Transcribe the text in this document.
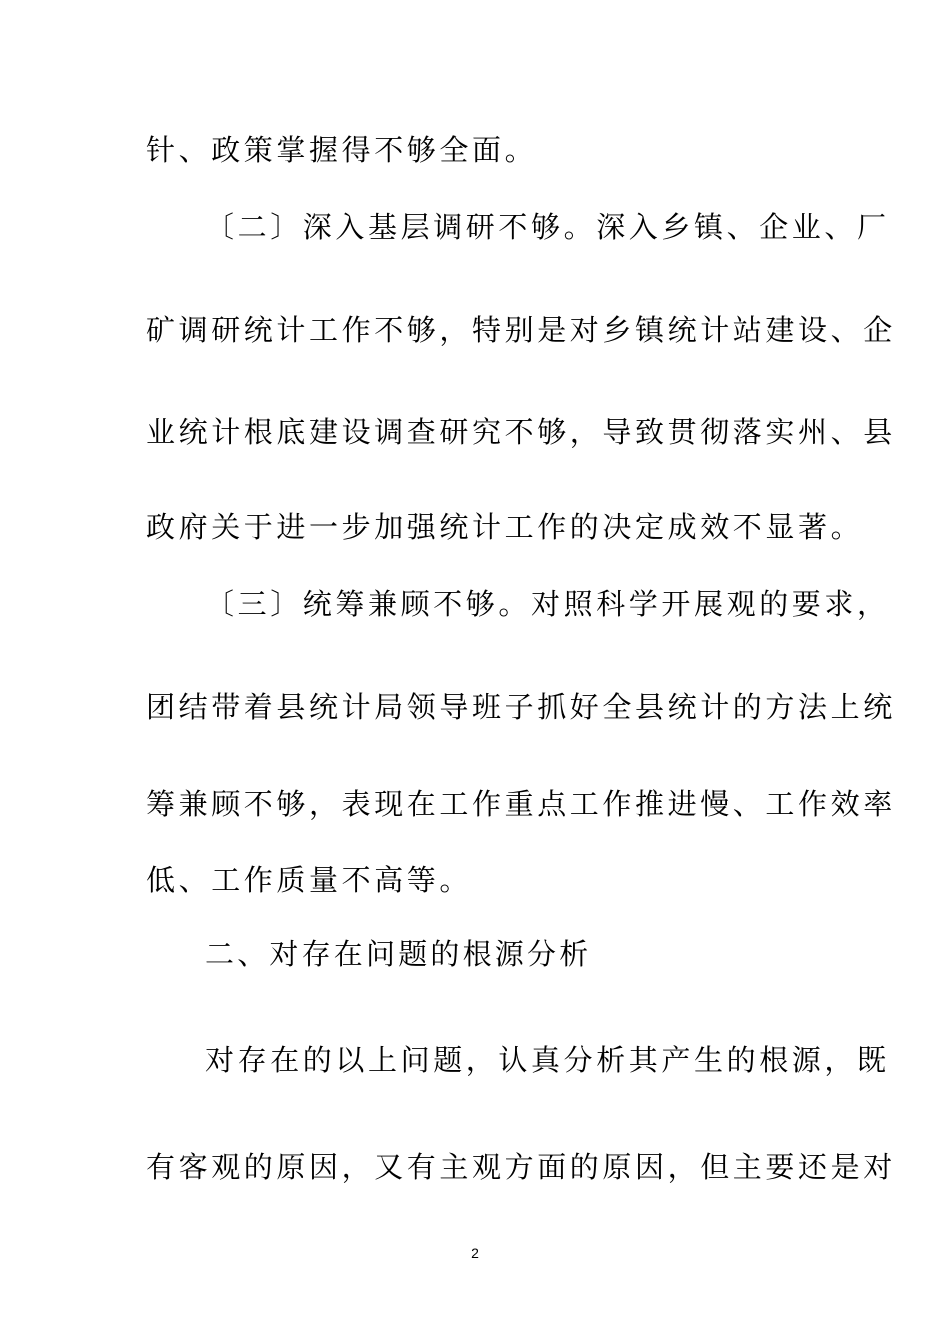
针、政策掌握得不够全面。
〔二〕深入基层调研不够。深入乡镇、企业、厂
矿调研统计工作不够，特别是对乡镇统计站建设、企
业统计根底建设调查研究不够，导致贯彻落实州、县
政府关于进一步加强统计工作的决定成效不显著。
〔三〕统筹兼顾不够。对照科学开展观的要求，
团结带着县统计局领导班子抓好全县统计的方法上统
筹兼顾不够，表现在工作重点工作推进慢、工作效率
低、工作质量不高等。
二、对存在问题的根源分析
对存在的以上问题，认真分析其产生的根源，既
有客观的原因，又有主观方面的原因，但主要还是对
2
